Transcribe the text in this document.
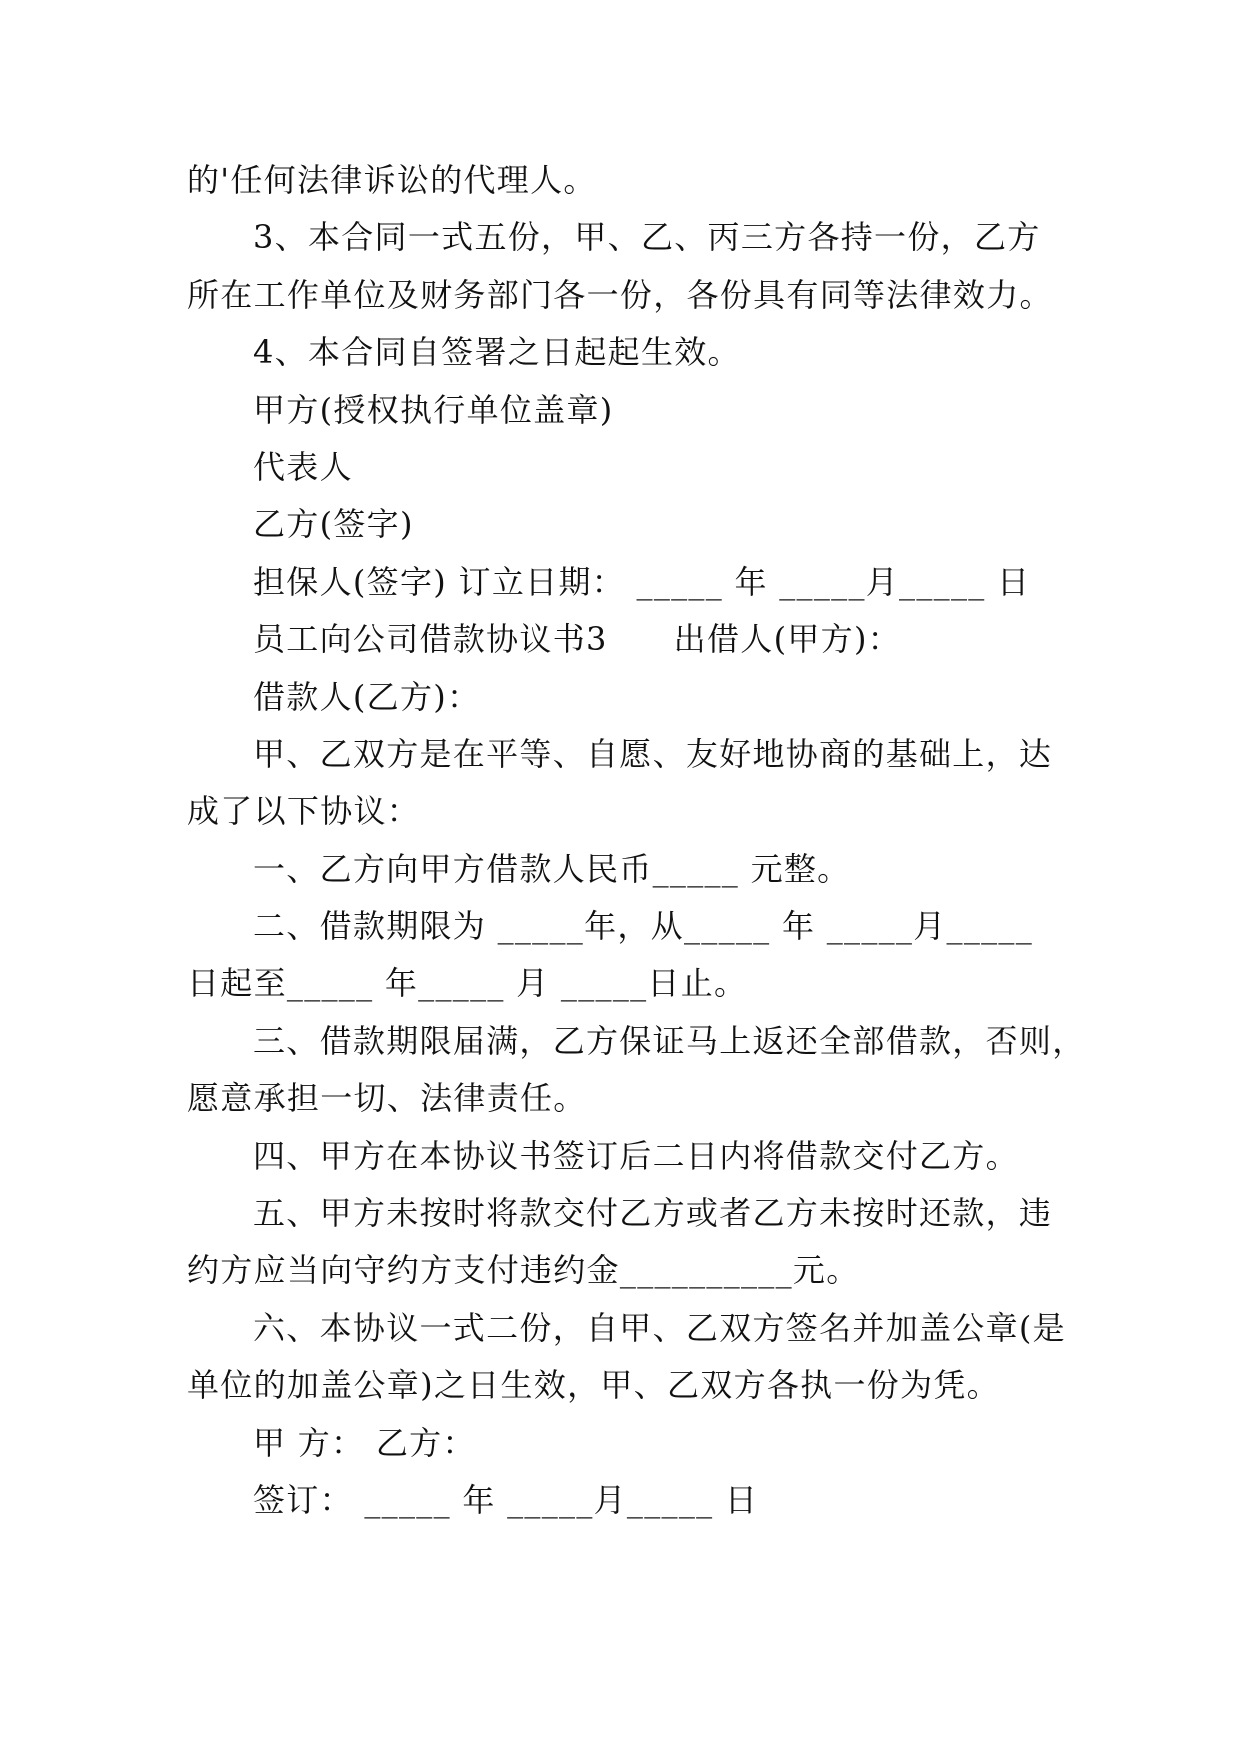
的'任何法律诉讼的代理人。
3、本合同一式五份，甲、乙、丙三方各持一份，乙方
所在工作单位及财务部门各一份，各份具有同等法律效力。
4、本合同自签署之日起起生效。
甲方(授权执行单位盖章)
代表人
乙方(签字)
担保人(签字) 订立日期： _____ 年 _____月_____ 日
员工向公司借款协议书3 出借人(甲方)：
借款人(乙方)：
甲、乙双方是在平等、自愿、友好地协商的基础上，达
成了以下协议：
一、乙方向甲方借款人民币_____ 元整。
二、借款期限为 _____年，从_____ 年 _____月_____
日起至_____ 年_____ 月 _____日止。
三、借款期限届满，乙方保证马上返还全部借款，否则，
愿意承担一切、法律责任。
四、甲方在本协议书签订后二日内将借款交付乙方。
五、甲方未按时将款交付乙方或者乙方未按时还款，违
约方应当向守约方支付违约金__________元。
六、本协议一式二份，自甲、乙双方签名并加盖公章(是
单位的加盖公章)之日生效，甲、乙双方各执一份为凭。
甲 方： 乙方：
签订： _____ 年 _____月_____ 日
